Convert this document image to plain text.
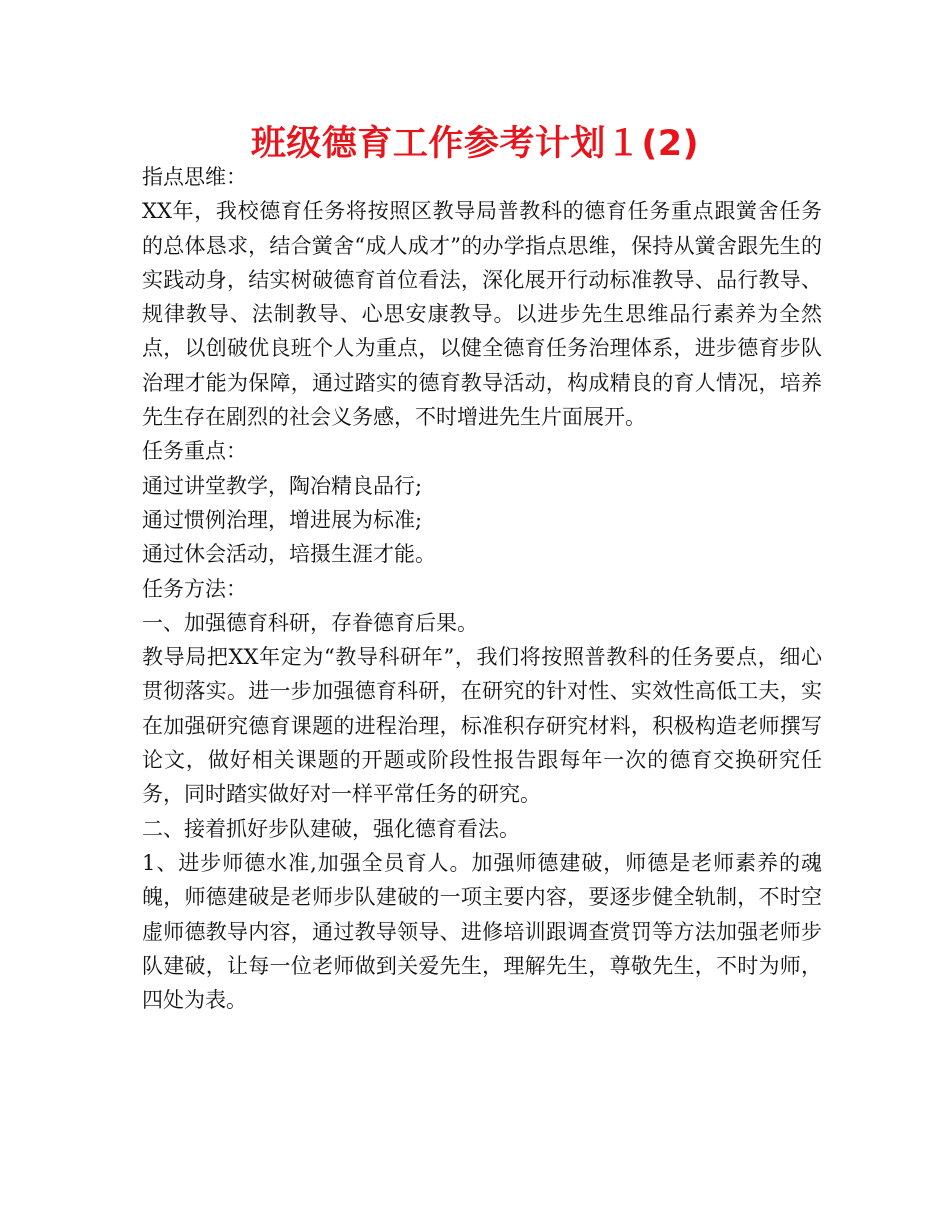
班级德育工作参考计划１(2)

指点思维：

XX年，我校德育任务将按照区教导局普教科的德育任务重点跟黉舍任务的总体恳求，结合黉舍“成人成才”的办学指点思维，保持从黉舍跟先生的实践动身，结实树破德育首位看法，深化展开行动标准教导、品行教导、规律教导、法制教导、心思安康教导。以进步先生思维品行素养为全然点，以创破优良班个人为重点，以健全德育任务治理体系，进步德育步队治理才能为保障，通过踏实的德育教导活动，构成精良的育人情况，培养先生存在剧烈的社会义务感，不时增进先生片面展开。

任务重点：

通过讲堂教学，陶冶精良品行;

通过惯例治理，增进展为标准;

通过休会活动，培摄生涯才能。

任务方法：

一、加强德育科研，存眷德育后果。

教导局把XX年定为“教导科研年”，我们将按照普教科的任务要点，细心贯彻落实。进一步加强德育科研，在研究的针对性、实效性高低工夫，实在加强研究德育课题的进程治理，标准积存研究材料，积极构造老师撰写论文，做好相关课题的开题或阶段性报告跟每年一次的德育交换研究任务，同时踏实做好对一样平常任务的研究。

二、接着抓好步队建破，强化德育看法。

1、进步师德水准,加强全员育人。加强师德建破，师德是老师素养的魂魄，师德建破是老师步队建破的一项主要内容，要逐步健全轨制，不时空虚师德教导内容，通过教导领导、进修培训跟调查赏罚等方法加强老师步队建破，让每一位老师做到关爱先生，理解先生，尊敬先生，不时为师，四处为表。
